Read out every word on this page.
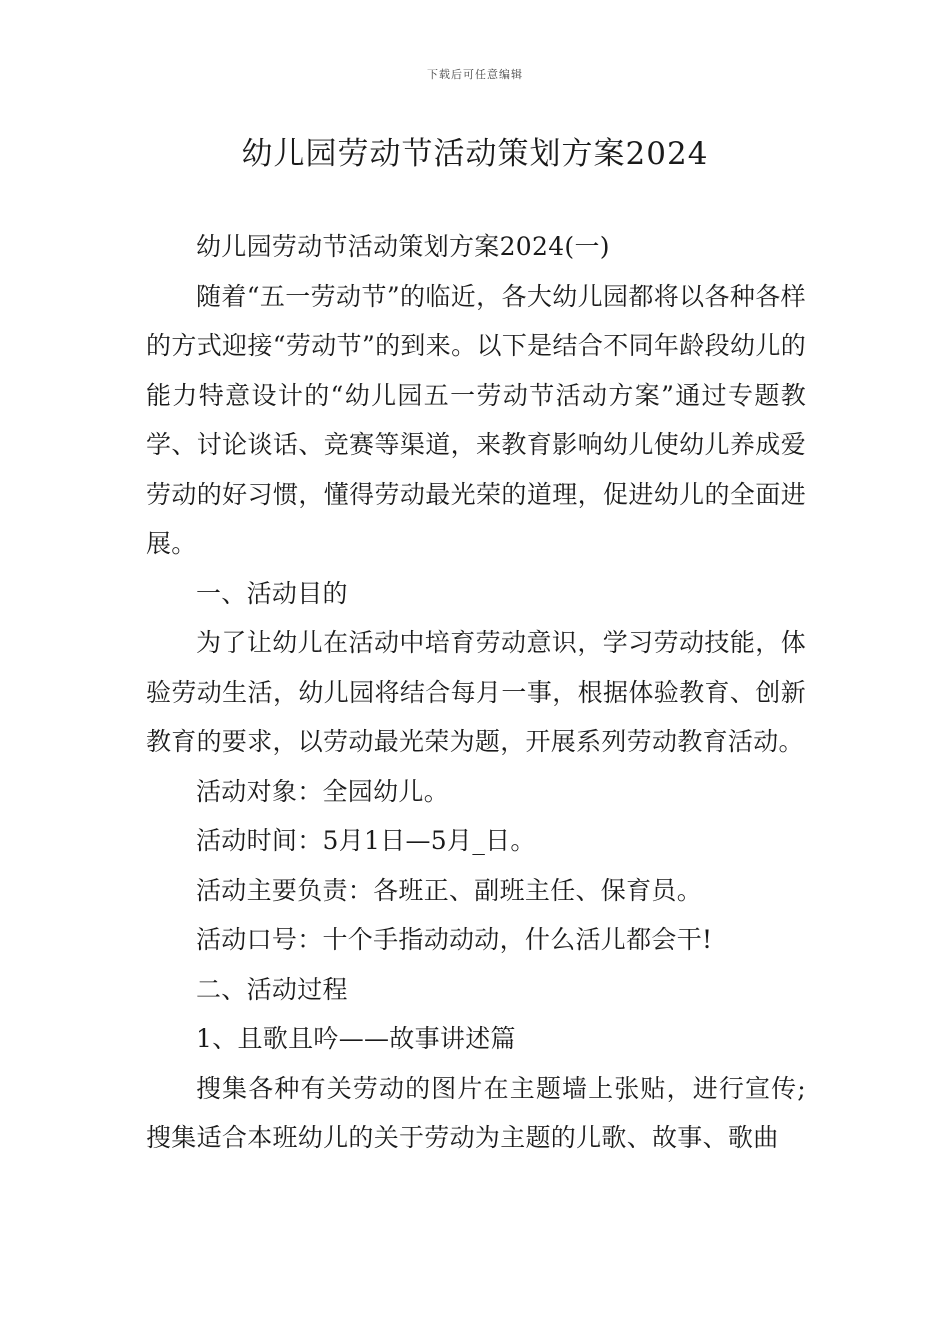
下载后可任意编辑
幼儿园劳动节活动策划方案2024

幼儿园劳动节活动策划方案2024(一)

随着“五一劳动节”的临近，各大幼儿园都将以各种各样的方式迎接“劳动节”的到来。以下是结合不同年龄段幼儿的能力特意设计的“幼儿园五一劳动节活动方案”通过专题教学、讨论谈话、竞赛等渠道，来教育影响幼儿使幼儿养成爱劳动的好习惯，懂得劳动最光荣的道理，促进幼儿的全面进展。

一、活动目的

为了让幼儿在活动中培育劳动意识，学习劳动技能，体验劳动生活，幼儿园将结合每月一事，根据体验教育、创新教育的要求，以劳动最光荣为题，开展系列劳动教育活动。

活动对象：全园幼儿。

活动时间：5月1日—5月_日。

活动主要负责：各班正、副班主任、保育员。

活动口号：十个手指动动动，什么活儿都会干!

二、活动过程

1、且歌且吟——故事讲述篇

搜集各种有关劳动的图片在主题墙上张贴，进行宣传;搜集适合本班幼儿的关于劳动为主题的儿歌、故事、歌曲
